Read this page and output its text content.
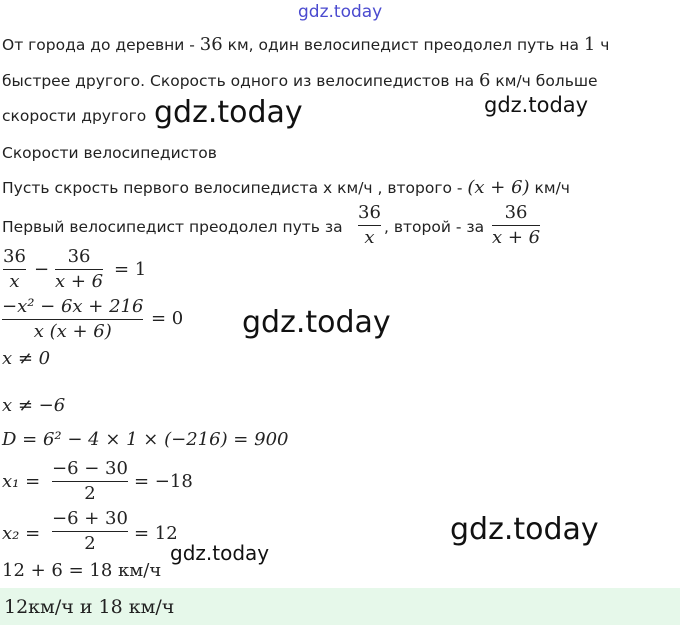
gdz.today
gdz.today	gdz.today
gdz.today
gdz.today
gdz.today
От города до деревни - 36 км, один велосипедист преодолел путь на 1 ч
быстрее другого. Скорость одного из велосипедистов на 6 км/ч больше
скорости другого
Скорости велосипедистов
Пусть скрость первого велосипедиста x км/ч , второго - (x + 6) км/ч
Первый велосипедист преодолел путь за
36
x , второй - за
36
x + 6
36
x
−
36
x + 6
= 1
−x² − 6x + 216
x (x + 6)
= 0
x ≠ 0
x ≠ −6
D = 6² − 4 × 1 × (−216) = 900
x₁ =
−6 − 30
2
= −18
x₂ =
−6 + 30
2 = 12
12 + 6 = 18 км/ч
12км/ч и 18 км/ч
